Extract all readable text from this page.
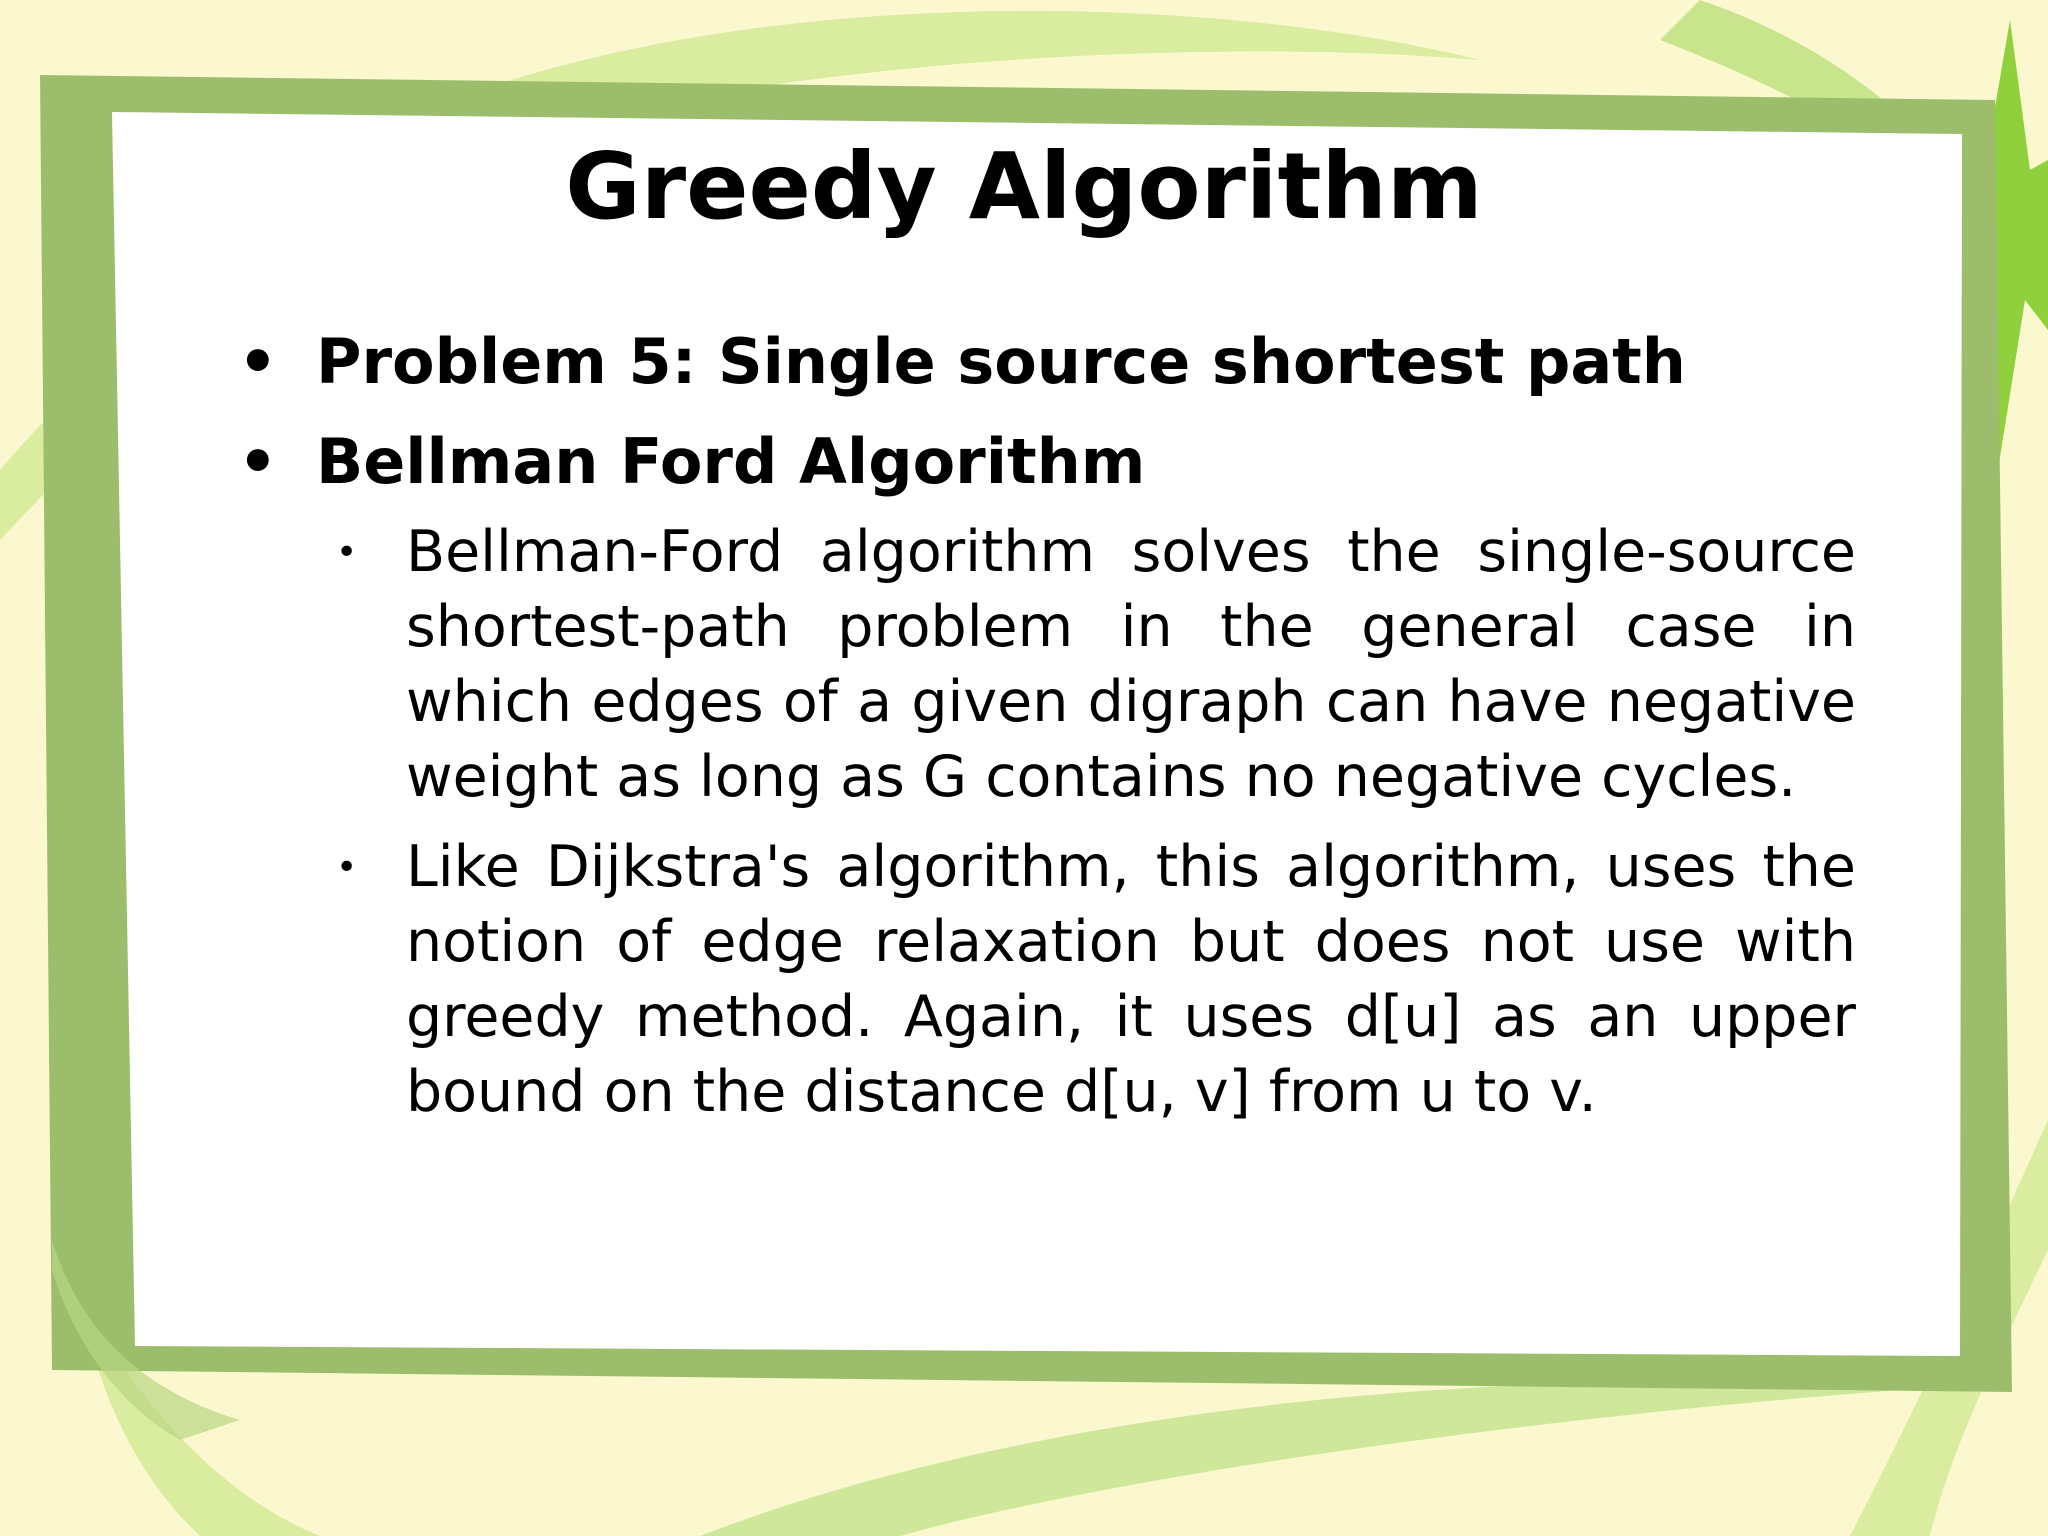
Greedy Algorithm
• Problem 5: Single source shortest path
• Bellman Ford Algorithm
• Bellman-Ford algorithm solves the single-source shortest-path problem in the general case in which edges of a given digraph can have negative weight as long as G contains no negative cycles.
• Like Dijkstra's algorithm, this algorithm, uses the notion of edge relaxation but does not use with greedy method. Again, it uses d[u] as an upper bound on the distance d[u, v] from u to v.
